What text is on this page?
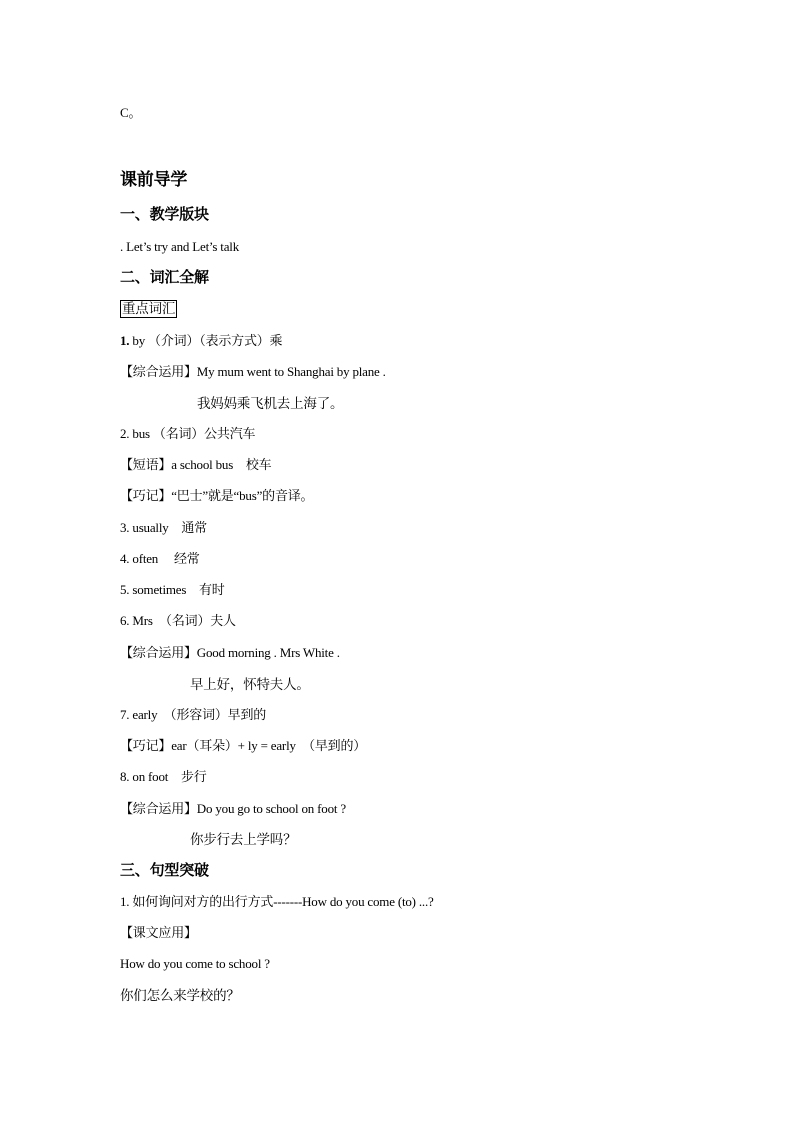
C。
课前导学
一、教学版块
. Let’s try and Let’s talk
二、词汇全解
重点词汇
1. by （介词）（表示方式）乘
【综合运用】My mum went to Shanghai by plane .
我妈妈乘飞机去上海了。
2. bus （名词）公共汽车
【短语】a school bus　校车
【巧记】“巴士”就是“bus”的音译。
3. usually　通常
4. often　 经常
5. sometimes　有时
6. Mrs　（名词）夫人
【综合运用】Good morning . Mrs White .
早上好，怀特夫人。
7. early　（形容词）早到的
【巧记】ear（耳朵）+ ly = early　（早到的）
8. on foot　步行
【综合运用】Do you go to school on foot ?
你步行去上学吗？
三、句型突破
1. 如何询问对方的出行方式-------How do you come (to) ...?
【课文应用】
How do you come to school ?
你们怎么来学校的？
